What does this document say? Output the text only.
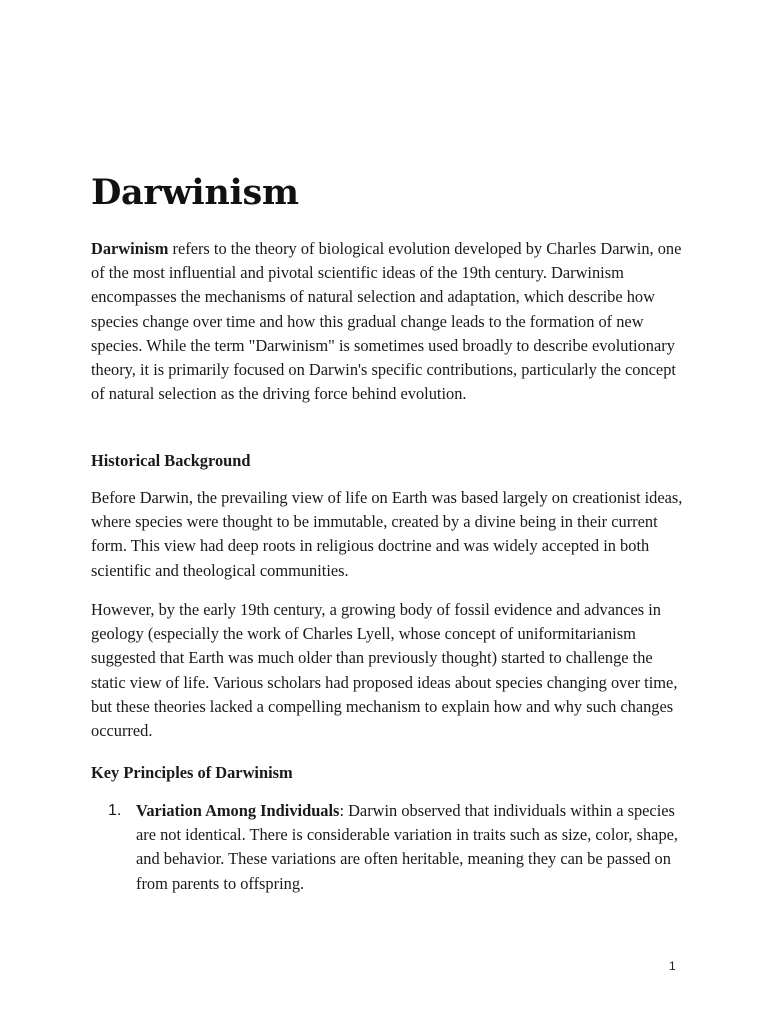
Darwinism

Darwinism refers to the theory of biological evolution developed by Charles Darwin, one of the most influential and pivotal scientific ideas of the 19th century. Darwinism encompasses the mechanisms of natural selection and adaptation, which describe how species change over time and how this gradual change leads to the formation of new species. While the term "Darwinism" is sometimes used broadly to describe evolutionary theory, it is primarily focused on Darwin's specific contributions, particularly the concept of natural selection as the driving force behind evolution.

Historical Background

Before Darwin, the prevailing view of life on Earth was based largely on creationist ideas, where species were thought to be immutable, created by a divine being in their current form. This view had deep roots in religious doctrine and was widely accepted in both scientific and theological communities.

However, by the early 19th century, a growing body of fossil evidence and advances in geology (especially the work of Charles Lyell, whose concept of uniformitarianism suggested that Earth was much older than previously thought) started to challenge the static view of life. Various scholars had proposed ideas about species changing over time, but these theories lacked a compelling mechanism to explain how and why such changes occurred.

Key Principles of Darwinism
1. Variation Among Individuals: Darwin observed that individuals within a species are not identical. There is considerable variation in traits such as size, color, shape, and behavior. These variations are often heritable, meaning they can be passed on from parents to offspring.
1
